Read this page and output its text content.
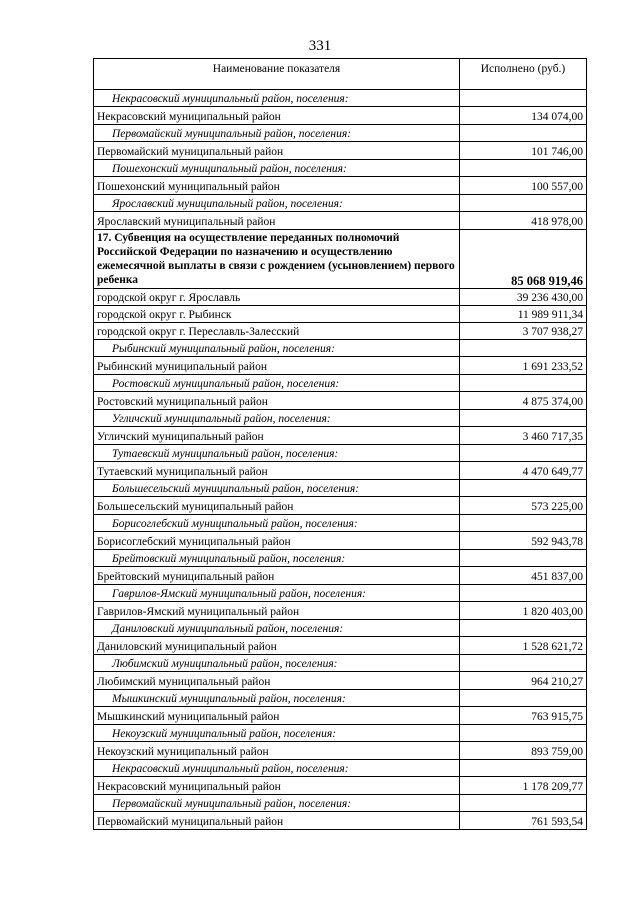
331
Наименование показателя	Исполнено (руб.)
Некрасовский муниципальный район, поселения:	
Некрасовский муниципальный район	134 074,00
Первомайский муниципальный район, поселения:	
Первомайский муниципальный район	101 746,00
Пошехонский муниципальный район, поселения:	
Пошехонский муниципальный район	100 557,00
Ярославский муниципальный район, поселения:	
Ярославский муниципальный район	418 978,00
17. Субвенция на осуществление переданных полномочий Российской Федерации по назначению и осуществлению ежемесячной выплаты в связи с рождением (усыновлением) первого ребенка	85 068 919,46
городской округ г. Ярославль	39 236 430,00
городской округ г. Рыбинск	11 989 911,34
городской округ г. Переславль-Залесский	3 707 938,27
Рыбинский муниципальный район, поселения:	
Рыбинский муниципальный район	1 691 233,52
Ростовский муниципальный район, поселения:	
Ростовский муниципальный район	4 875 374,00
Угличский муниципальный район, поселения:	
Угличский муниципальный район	3 460 717,35
Тутаевский муниципальный район, поселения:	
Тутаевский муниципальный район	4 470 649,77
Большесельский муниципальный район, поселения:	
Большесельский муниципальный район	573 225,00
Борисоглебский муниципальный район, поселения:	
Борисоглебский муниципальный район	592 943,78
Брейтовский муниципальный район, поселения:	
Брейтовский муниципальный район	451 837,00
Гаврилов-Ямский муниципальный район, поселения:	
Гаврилов-Ямский муниципальный район	1 820 403,00
Даниловский муниципальный район, поселения:	
Даниловский муниципальный район	1 528 621,72
Любимский муниципальный район, поселения:	
Любимский муниципальный район	964 210,27
Мышкинский муниципальный район, поселения:	
Мышкинский муниципальный район	763 915,75
Некоузский муниципальный район, поселения:	
Некоузский муниципальный район	893 759,00
Некрасовский муниципальный район, поселения:	
Некрасовский муниципальный район	1 178 209,77
Первомайский муниципальный район, поселения:	
Первомайский муниципальный район	761 593,54
